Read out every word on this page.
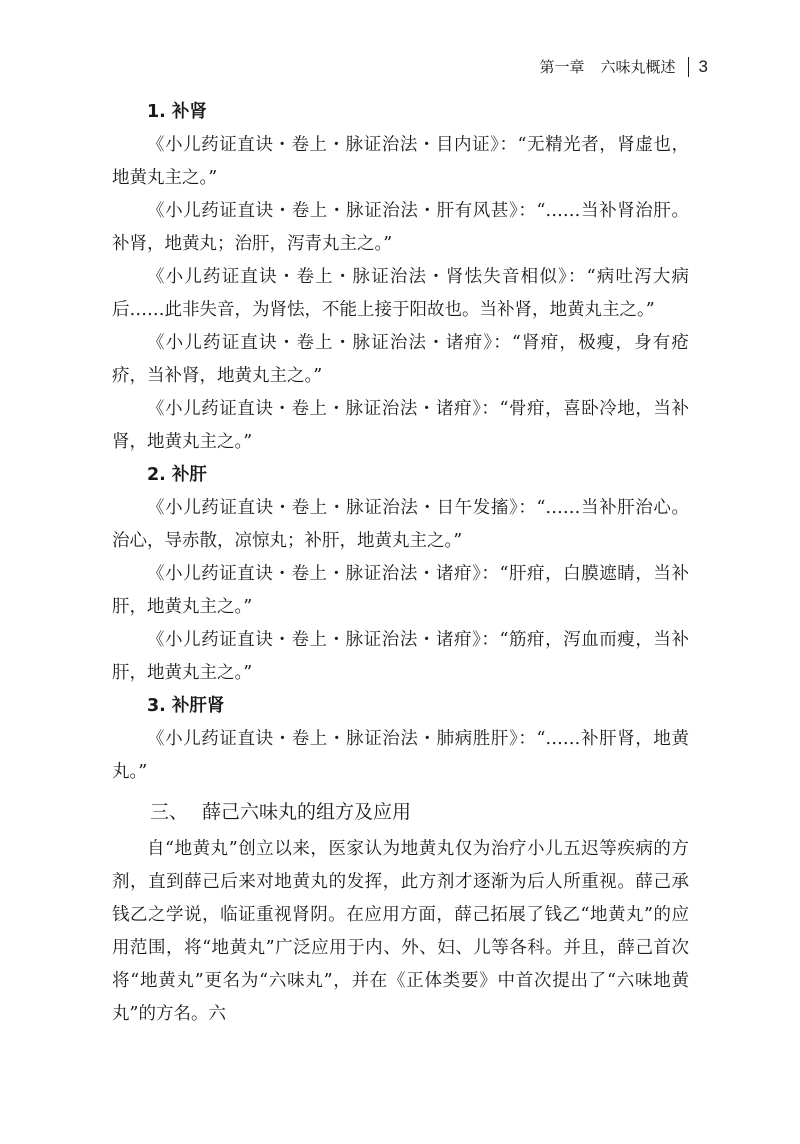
第一章 六味丸概述 3

1. 补肾

《小儿药证直诀・卷上・脉证治法・目内证》：“无精光者，肾虚也，地黄丸主之。”

《小儿药证直诀・卷上・脉证治法・肝有风甚》：“……当补肾治肝。补肾，地黄丸；治肝，泻青丸主之。”

《小儿药证直诀・卷上・脉证治法・肾怯失音相似》：“病吐泻大病后……此非失音，为肾怯，不能上接于阳故也。当补肾，地黄丸主之。”

《小儿药证直诀・卷上・脉证治法・诸疳》：“肾疳，极瘦，身有疮疥，当补肾，地黄丸主之。”

《小儿药证直诀・卷上・脉证治法・诸疳》：“骨疳，喜卧冷地，当补肾，地黄丸主之。”

2. 补肝

《小儿药证直诀・卷上・脉证治法・日午发搐》：“……当补肝治心。治心，导赤散，凉惊丸；补肝，地黄丸主之。”

《小儿药证直诀・卷上・脉证治法・诸疳》：“肝疳，白膜遮睛，当补肝，地黄丸主之。”

《小儿药证直诀・卷上・脉证治法・诸疳》：“筋疳，泻血而瘦，当补肝，地黄丸主之。”

3. 补肝肾

《小儿药证直诀・卷上・脉证治法・肺病胜肝》：“……补肝肾，地黄丸。”

三、 薛己六味丸的组方及应用

自“地黄丸”创立以来，医家认为地黄丸仅为治疗小儿五迟等疾病的方剂，直到薛己后来对地黄丸的发挥，此方剂才逐渐为后人所重视。薛己承钱乙之学说，临证重视肾阴。在应用方面，薛己拓展了钱乙“地黄丸”的应用范围，将“地黄丸”广泛应用于内、外、妇、儿等各科。并且，薛己首次将“地黄丸”更名为“六味丸”，并在《正体类要》中首次提出了“六味地黄丸”的方名。六
